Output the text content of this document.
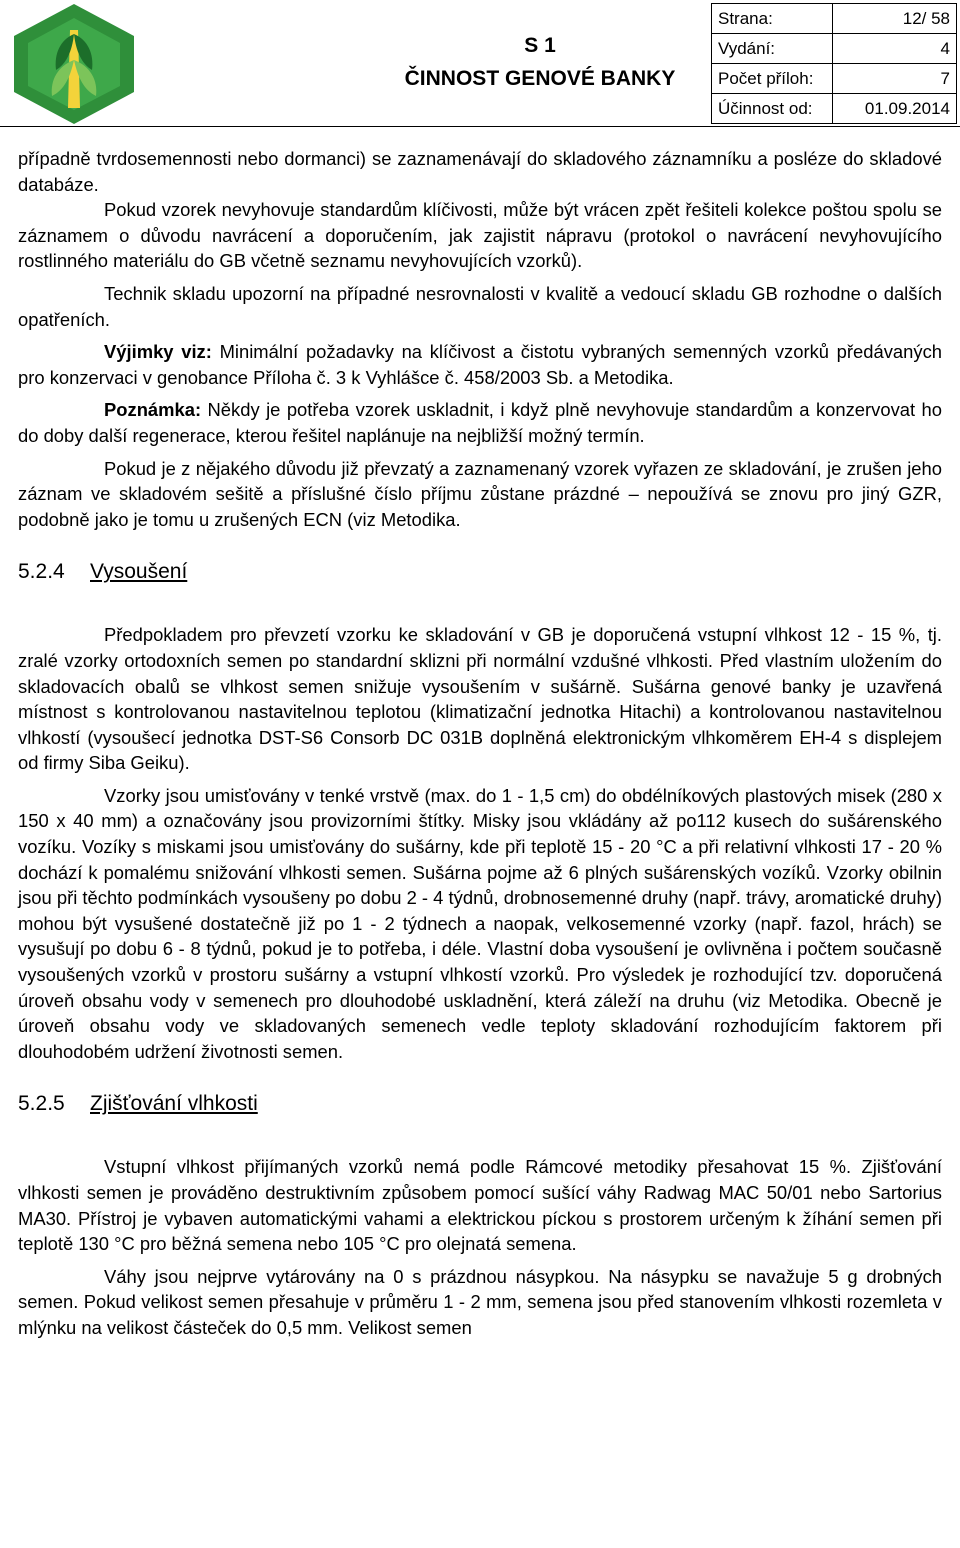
S 1
ČINNOST GENOVÉ BANKY
Strana:	12/ 58
Vydání:	4
Počet příloh:	7
Účinnost od:	01.09.2014

případně tvrdosemennosti nebo dormanci) se zaznamenávají do skladového záznamníku a posléze do skladové databáze.

Pokud vzorek nevyhovuje standardům klíčivosti, může být vrácen zpět řešiteli kolekce poštou spolu se záznamem o důvodu navrácení a doporučením, jak zajistit nápravu (protokol o navrácení nevyhovujícího rostlinného materiálu do GB včetně seznamu nevyhovujících vzorků).

Technik skladu upozorní na případné nesrovnalosti v kvalitě a vedoucí skladu GB rozhodne o dalších opatřeních.

Výjimky viz: Minimální požadavky na klíčivost a čistotu vybraných semenných vzorků předávaných pro konzervaci v genobance Příloha č. 3 k Vyhlášce č. 458/2003 Sb. a Metodika.

Poznámka: Někdy je potřeba vzorek uskladnit, i když plně nevyhovuje standardům a konzervovat ho do doby další regenerace, kterou řešitel naplánuje na nejbližší možný termín.

Pokud je z nějakého důvodu již převzatý a zaznamenaný vzorek vyřazen ze skladování, je zrušen jeho záznam ve skladovém sešitě a příslušné číslo příjmu zůstane prázdné – nepoužívá se znovu pro jiný GZR, podobně jako je tomu u zrušených ECN (viz Metodika.

5.2.4 Vysoušení

Předpokladem pro převzetí vzorku ke skladování v GB je doporučená vstupní vlhkost 12 - 15 %, tj. zralé vzorky ortodoxních semen po standardní sklizni při normální vzdušné vlhkosti. Před vlastním uložením do skladovacích obalů se vlhkost semen snižuje vysoušením v sušárně. Sušárna genové banky je uzavřená místnost s kontrolovanou nastavitelnou teplotou (klimatizační jednotka Hitachi) a kontrolovanou nastavitelnou vlhkostí (vysoušecí jednotka DST-S6 Consorb DC 031B doplněná elektronickým vlhkoměrem EH-4 s displejem od firmy Siba Geiku).

Vzorky jsou umisťovány v tenké vrstvě (max. do 1 - 1,5 cm) do obdélníkových plastových misek (280 x 150 x 40 mm) a označovány jsou provizorními štítky. Misky jsou vkládány až po112 kusech do sušárenského vozíku. Vozíky s miskami jsou umisťovány do sušárny, kde při teplotě 15 - 20 °C a při relativní vlhkosti 17 - 20 % dochází k pomalému snižování vlhkosti semen. Sušárna pojme až 6 plných sušárenských vozíků. Vzorky obilnin jsou při těchto podmínkách vysoušeny po dobu 2 - 4 týdnů, drobnosemenné druhy (např. trávy, aromatické druhy) mohou být vysušené dostatečně již po 1 - 2 týdnech a naopak, velkosemenné vzorky (např. fazol, hrách) se vysušují po dobu 6 - 8 týdnů, pokud je to potřeba, i déle. Vlastní doba vysoušení je ovlivněna i počtem současně vysoušených vzorků v prostoru sušárny a vstupní vlhkostí vzorků. Pro výsledek je rozhodující tzv. doporučená úroveň obsahu vody v semenech pro dlouhodobé uskladnění, která záleží na druhu (viz Metodika. Obecně je úroveň obsahu vody ve skladovaných semenech vedle teploty skladování rozhodujícím faktorem při dlouhodobém udržení životnosti semen.

5.2.5 Zjišťování vlhkosti

Vstupní vlhkost přijímaných vzorků nemá podle Rámcové metodiky přesahovat 15 %. Zjišťování vlhkosti semen je prováděno destruktivním způsobem pomocí sušící váhy Radwag MAC 50/01 nebo Sartorius MA30. Přístroj je vybaven automatickými vahami a elektrickou píckou s prostorem určeným k žíhání semen při teplotě 130 °C pro běžná semena nebo 105 °C pro olejnatá semena.

Váhy jsou nejprve vytárovány na 0 s prázdnou násypkou. Na násypku se navažuje 5 g drobných semen. Pokud velikost semen přesahuje v průměru 1 - 2 mm, semena jsou před stanovením vlhkosti rozemleta v mlýnku na velikost částeček do 0,5 mm. Velikost semen
